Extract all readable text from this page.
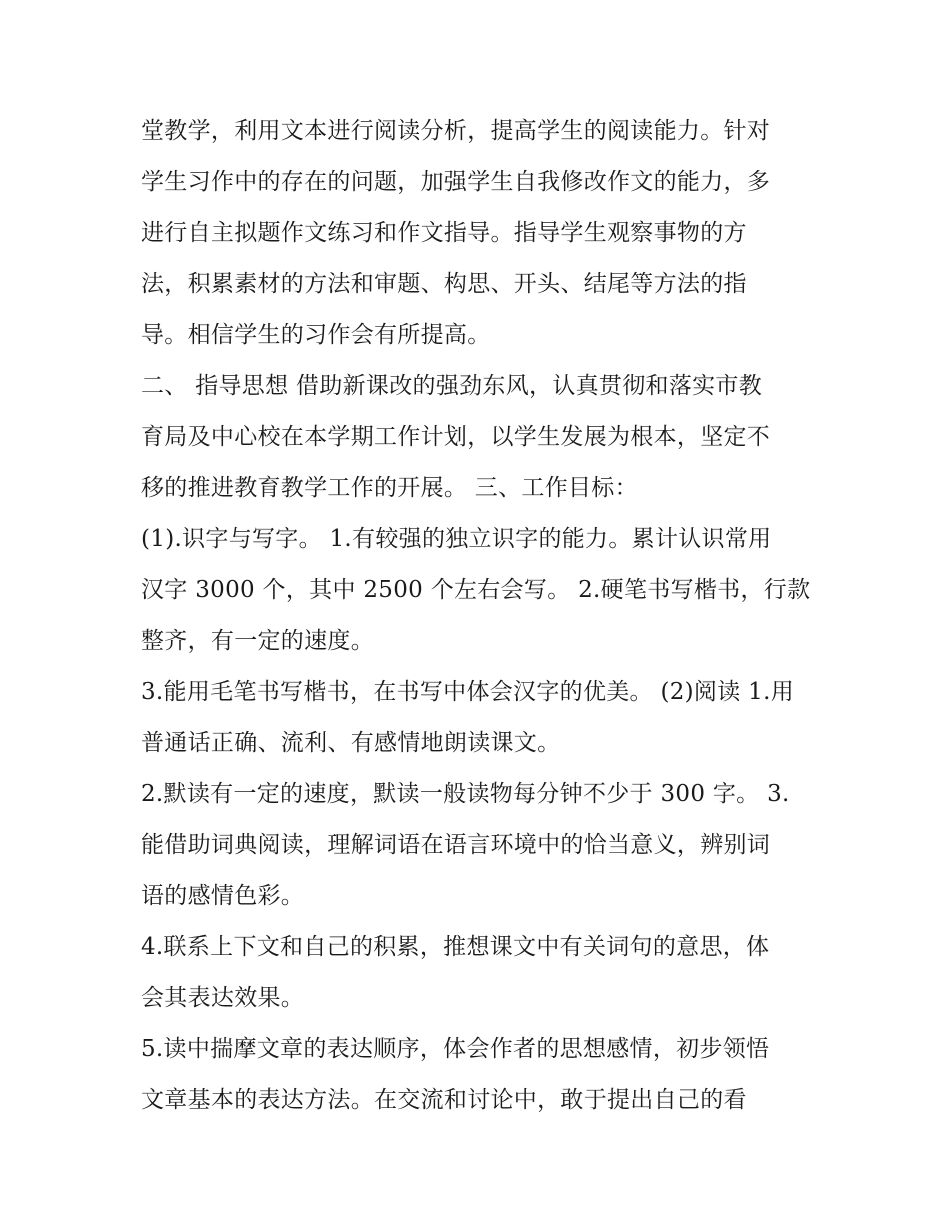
堂教学，利用文本进行阅读分析，提高学生的阅读能力。针对
学生习作中的存在的问题，加强学生自我修改作文的能力，多
进行自主拟题作文练习和作文指导。指导学生观察事物的方
法，积累素材的方法和审题、构思、开头、结尾等方法的指
导。相信学生的习作会有所提高。
二、 指导思想 借助新课改的强劲东风，认真贯彻和落实市教
育局及中心校在本学期工作计划，以学生发展为根本，坚定不
移的推进教育教学工作的开展。 三、工作目标：
(1).识字与写字。 1.有较强的独立识字的能力。累计认识常用
汉字 3000 个，其中 2500 个左右会写。 2.硬笔书写楷书，行款
整齐，有一定的速度。
3.能用毛笔书写楷书，在书写中体会汉字的优美。 (2)阅读 1.用
普通话正确、流利、有感情地朗读课文。
2.默读有一定的速度，默读一般读物每分钟不少于 300 字。 3.
能借助词典阅读，理解词语在语言环境中的恰当意义，辨别词
语的感情色彩。
4.联系上下文和自己的积累，推想课文中有关词句的意思，体
会其表达效果。
5.读中揣摩文章的表达顺序，体会作者的思想感情，初步领悟
文章基本的表达方法。在交流和讨论中，敢于提出自己的看
